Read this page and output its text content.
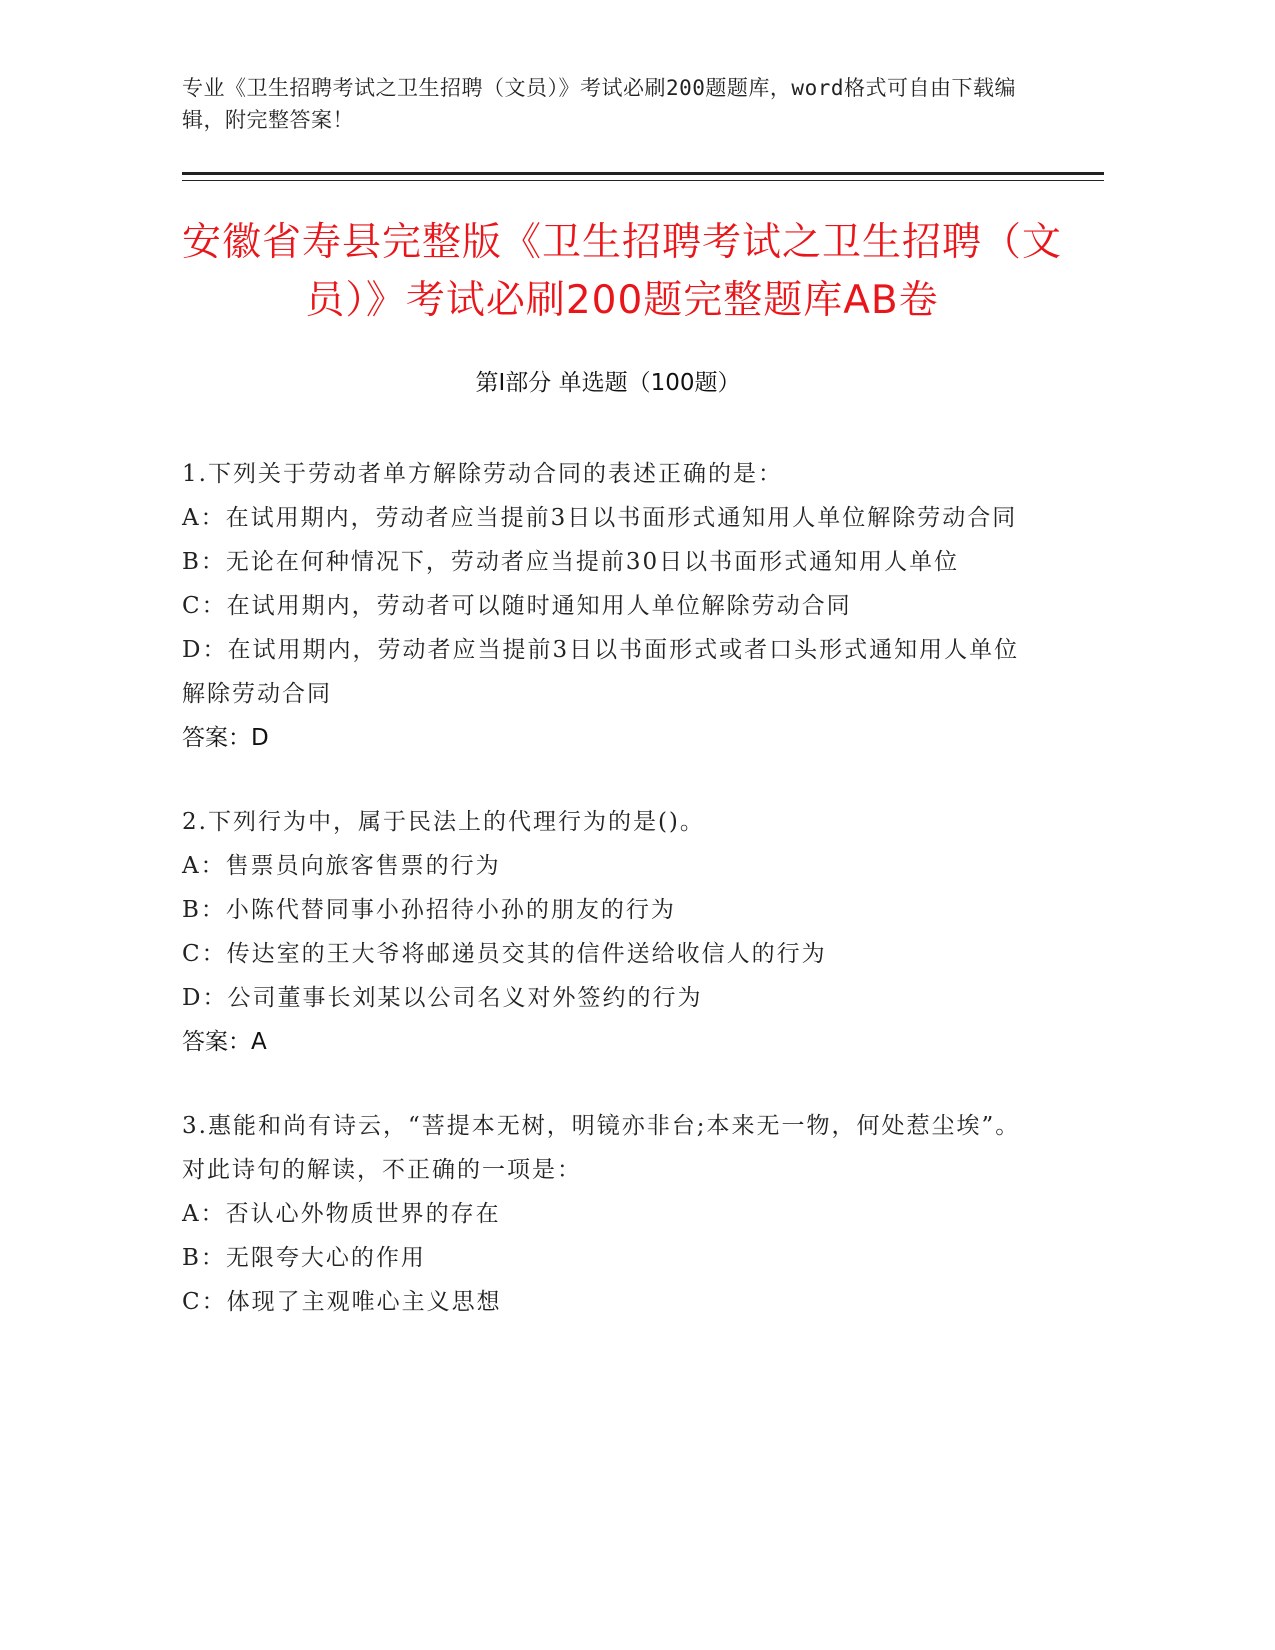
专业《卫生招聘考试之卫生招聘（文员）》考试必刷200题题库，word格式可自由下载编辑，附完整答案！
安徽省寿县完整版《卫生招聘考试之卫生招聘（文员）》考试必刷200题完整题库AB卷
第Ⅰ部分 单选题（100题）
1.下列关于劳动者单方解除劳动合同的表述正确的是：
A：在试用期内，劳动者应当提前3日以书面形式通知用人单位解除劳动合同
B：无论在何种情况下，劳动者应当提前30日以书面形式通知用人单位
C：在试用期内，劳动者可以随时通知用人单位解除劳动合同
D：在试用期内，劳动者应当提前3日以书面形式或者口头形式通知用人单位解除劳动合同
答案：D
2.下列行为中，属于民法上的代理行为的是()。
A：售票员向旅客售票的行为
B：小陈代替同事小孙招待小孙的朋友的行为
C：传达室的王大爷将邮递员交其的信件送给收信人的行为
D：公司董事长刘某以公司名义对外签约的行为
答案：A
3.惠能和尚有诗云，“菩提本无树，明镜亦非台;本来无一物，何处惹尘埃”。对此诗句的解读，不正确的一项是：
A：否认心外物质世界的存在
B：无限夸大心的作用
C：体现了主观唯心主义思想
